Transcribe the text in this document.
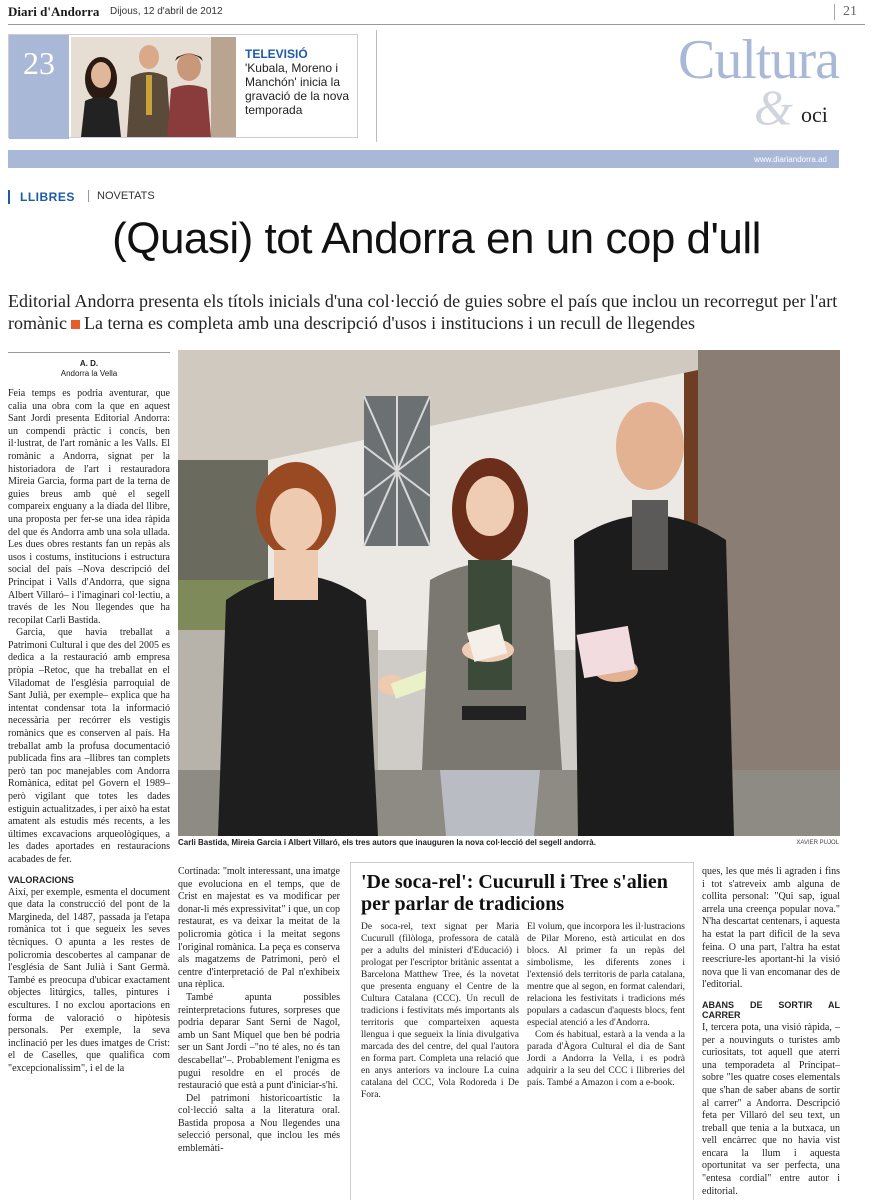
Diari d'Andorra Dijous, 12 d'abril de 2012	21
23	TELEVISIÓ
'Kubala, Moreno i Manchón' inicia la gravació de la nova temporada
Cultura
& oci
www.diariandorra.ad
LLIBRES	NOVETATS
(Quasi) tot Andorra en un cop d'ull
Editorial Andorra presenta els títols inicials d'una col·lecció de guies sobre el país que inclou un recorregut per l'art romànic La terna es completa amb una descripció d'usos i institucions i un recull de llegendes
A. D.
Andorra la Vella

Feia temps es podria aventurar, que calia una obra com la que en aquest Sant Jordi presenta Editorial Andorra: un compendi pràctic i concís, ben il·lustrat, de l'art romànic a les Valls. El romànic a Andorra, signat per la historiadora de l'art i restauradora Mireia Garcia, forma part de la terna de guies breus amb què el segell compareix enguany a la diada del llibre, una proposta per fer-se una idea ràpida del que és Andorra amb una sola ullada. Les dues obres restants fan un repàs als usos i costums, institucions i estructura social del país –Nova descripció del Principat i Valls d'Andorra, que signa Albert Villaró– i l'imaginari col·lectiu, a través de les Nou llegendes que ha recopilat Carli Bastida.

Garcia, que havia treballat a Patrimoni Cultural i que des del 2005 es dedica a la restauració amb empresa pròpia –Retoc, que ha treballat en el Viladomat de l'església parroquial de Sant Julià, per exemple– explica que ha intentat condensar tota la informació necessària per recórrer els vestigis romànics que es conserven al país. Ha treballat amb la profusa documentació publicada fins ara –llibres tan complets però tan poc manejables com Andorra Romànica, editat pel Govern el 1989– però vigilant que totes les dades estiguin actualitzades, i per això ha estat amatent als estudis més recents, a les últimes excavacions arqueològiques, a les dades aportades en restauracions acabades de fer.

VALORACIONS

Així, per exemple, esmenta el document que data la construcció del pont de la Margineda, del 1487, passada ja l'etapa romànica tot i que segueix les seves tècniques. O apunta a les restes de policromia descobertes al campanar de l'església de Sant Julià i Sant Germà. També es preocupa d'ubicar exactament objectes litúrgics, talles, pintures i escultures. I no exclou aportacions en forma de valoració o hipòtesis personals. Per exemple, la seva inclinació per les dues imatges de Crist: el de Caselles, que qualifica com "excepcionalíssim", i el de la

Carli Bastida, Mireia Garcia i Albert Villaró, els tres autors que inauguren la nova col·lecció del segell andorrà.	XAVIER PUJOL

Cortinada: "molt interessant, una imatge que evoluciona en el temps, que de Crist en majestat es va modificar per donar-li més expressivitat" i que, un cop restaurat, es va deixar la meitat de la policromia gòtica i la meitat segons l'original romànica. La peça es conserva als magatzems de Patrimoni, però el centre d'interpretació de Pal n'exhibeix una rèplica.

També apunta possibles reinterpretacions futures, sorpreses que podria deparar Sant Serni de Nagol, amb un Sant Miquel que ben bé podria ser un Sant Jordi –"no té ales, no és tan descabellat"–. Probablement l'enigma es pugui resoldre en el procés de restauració que està a punt d'iniciar-s'hi.

Del patrimoni historicoartístic la col·lecció salta a la literatura oral. Bastida proposa a Nou llegendes una selecció personal, que inclou les més emblemàti-

'De soca-rel': Cucurull i Tree s'alien per parlar de tradicions

De soca-rel, text signat per Maria Cucurull (filòloga, professora de català per a adults del ministeri d'Educació) i prologat per l'escriptor britànic assentat a Barcelona Matthew Tree, és la novetat que presenta enguany el Centre de la Cultura Catalana (CCC). Un recull de tradicions i festivitats més importants als territoris que comparteixen aquesta llengua i que segueix la línia divulgativa marcada des del centre, del qual l'autora en forma part. Completa una relació que en anys anteriors va incloure La cuina catalana del CCC, Vola Rodoreda i De Fora.

El volum, que incorpora les il·lustracions de Pilar Moreno, està articulat en dos blocs. Al primer fa un repàs del simbolisme, les diferents zones i l'extensió dels territoris de parla catalana, mentre que al segon, en format calendari, relaciona les festivitats i tradicions més populars a cadascun d'aquests blocs, fent especial atenció a les d'Andorra.

Com és habitual, estarà a la venda a la parada d'Àgora Cultural el dia de Sant Jordi a Andorra la Vella, i es podrà adquirir a la seu del CCC i llibreries del país. També a Amazon i com a e-book.

ques, les que més li agraden i fins i tot s'atreveix amb alguna de collita personal: "Qui sap, igual arrela una creença popular nova." N'ha descartat centenars, i aquesta ha estat la part difícil de la seva feina. O una part, l'altra ha estat reescriure-les aportant-hi la visió nova que li van encomanar des de l'editorial.

ABANS DE SORTIR AL CARRER

I, tercera pota, una visió ràpida, –per a nouvinguts o turistes amb curiositats, tot aquell que aterri una temporadeta al Principat– sobre "les quatre coses elementals que s'han de saber abans de sortir al carrer" a Andorra. Descripció feta per Villaró del seu text, un treball que tenia a la butxaca, un vell encàrrec que no havia vist encara la llum i aquesta oportunitat va ser perfecta, una "entesa cordial" entre autor i editorial.
